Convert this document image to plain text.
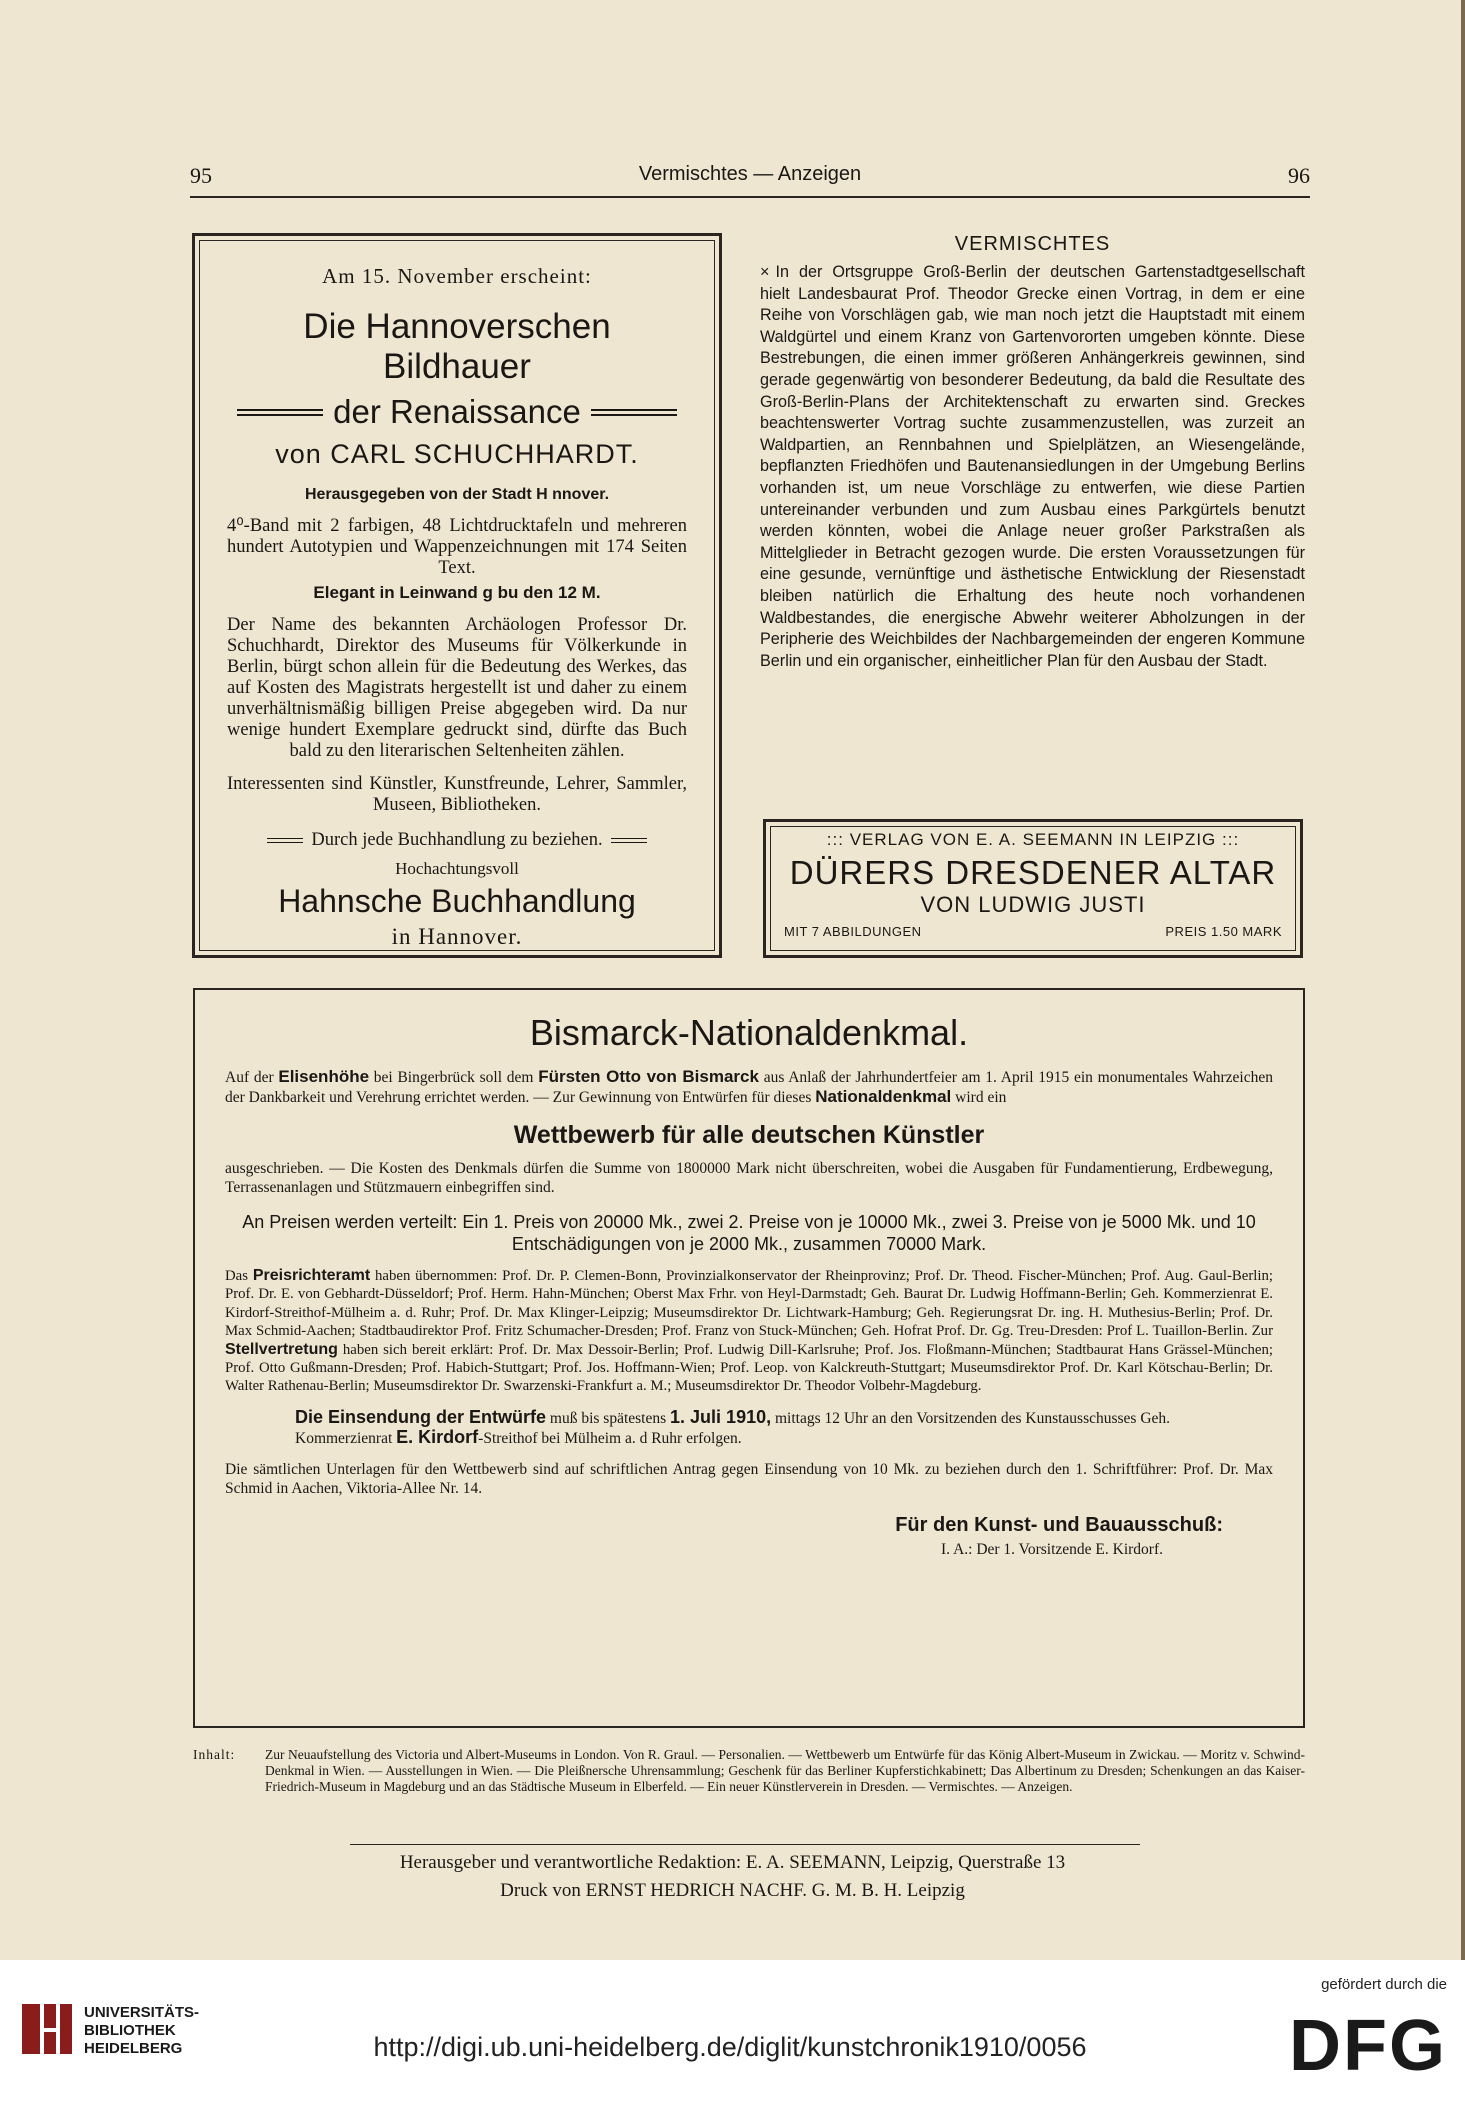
95	Vermischtes — Anzeigen	96
Am 15. November erscheint:
Die Hannoverschen Bildhauer
der Renaissance
von CARL SCHUCHHARDT.
Herausgegeben von der Stadt H nnover.
4⁰-Band mit 2 farbigen, 48 Lichtdrucktafeln und mehreren hundert Autotypien und Wappenzeichnungen mit 174 Seiten Text.
Elegant in Leinwand g bu den 12 M.
Der Name des bekannten Archäologen Professor Dr. Schuchhardt, Direktor des Museums für Völkerkunde in Berlin, bürgt schon allein für die Bedeutung des Werkes, das auf Kosten des Magistrats hergestellt ist und daher zu einem unverhältnismäßig billigen Preise abgegeben wird. Da nur wenige hundert Exemplare gedruckt sind, dürfte das Buch bald zu den literarischen Seltenheiten zählen.
Interessenten sind Künstler, Kunstfreunde, Lehrer, Sammler, Museen, Bibliotheken.
Durch jede Buchhandlung zu beziehen.
Hochachtungsvoll
Hahnsche Buchhandlung
in Hannover.
VERMISCHTES
× In der Ortsgruppe Groß-Berlin der deutschen Gartenstadtgesellschaft hielt Landesbaurat Prof. Theodor Grecke einen Vortrag, in dem er eine Reihe von Vorschlägen gab, wie man noch jetzt die Hauptstadt mit einem Waldgürtel und einem Kranz von Gartenvororten umgeben könnte. Diese Bestrebungen, die einen immer größeren Anhängerkreis gewinnen, sind gerade gegenwärtig von besonderer Bedeutung, da bald die Resultate des Groß-Berlin-Plans der Architektenschaft zu erwarten sind. Greckes beachtenswerter Vortrag suchte zusammenzustellen, was zurzeit an Waldpartien, an Rennbahnen und Spielplätzen, an Wiesengelände, bepflanzten Friedhöfen und Bautenansiedlungen in der Umgebung Berlins vorhanden ist, um neue Vorschläge zu entwerfen, wie diese Partien untereinander verbunden und zum Ausbau eines Parkgürtels benutzt werden könnten, wobei die Anlage neuer großer Parkstraßen als Mittelglieder in Betracht gezogen wurde. Die ersten Voraussetzungen für eine gesunde, vernünftige und ästhetische Entwicklung der Riesenstadt bleiben natürlich die Erhaltung des heute noch vorhandenen Waldbestandes, die energische Abwehr weiterer Abholzungen in der Peripherie des Weichbildes der Nachbargemeinden der engeren Kommune Berlin und ein organischer, einheitlicher Plan für den Ausbau der Stadt.
::: VERLAG VON E. A. SEEMANN IN LEIPZIG :::
DÜRERS DRESDENER ALTAR
VON LUDWIG JUSTI
MIT 7 ABBILDUNGEN	PREIS 1.50 MARK
Bismarck-Nationaldenkmal.
Auf der Elisenhöhe bei Bingerbrück soll dem Fürsten Otto von Bismarck aus Anlaß der Jahrhundertfeier am 1. April 1915 ein monumentales Wahrzeichen der Dankbarkeit und Verehrung errichtet werden. — Zur Gewinnung von Entwürfen für dieses Nationaldenkmal wird ein
Wettbewerb für alle deutschen Künstler
ausgeschrieben. — Die Kosten des Denkmals dürfen die Summe von 1800000 Mark nicht überschreiten, wobei die Ausgaben für Fundamentierung, Erdbewegung, Terrassenanlagen und Stützmauern einbegriffen sind.
An Preisen werden verteilt: Ein 1. Preis von 20000 Mk., zwei 2. Preise von je 10000 Mk., zwei 3. Preise von je 5000 Mk. und 10 Entschädigungen von je 2000 Mk., zusammen 70000 Mark.
Das Preisrichteramt haben übernommen: Prof. Dr. P. Clemen-Bonn, Provinzialkonservator der Rheinprovinz; Prof. Dr. Theod. Fischer-München; Prof. Aug. Gaul-Berlin; Prof. Dr. E. von Gebhardt-Düsseldorf; Prof. Herm. Hahn-München; Oberst Max Frhr. von Heyl-Darmstadt; Geh. Baurat Dr. Ludwig Hoffmann-Berlin; Geh. Kommerzienrat E. Kirdorf-Streithof-Mülheim a. d. Ruhr; Prof. Dr. Max Klinger-Leipzig; Museumsdirektor Dr. Lichtwark-Hamburg; Geh. Regierungsrat Dr. ing. H. Muthesius-Berlin; Prof. Dr. Max Schmid-Aachen; Stadtbaudirektor Prof. Fritz Schumacher-Dresden; Prof. Franz von Stuck-München; Geh. Hofrat Prof. Dr. Gg. Treu-Dresden: Prof L. Tuaillon-Berlin. Zur Stellvertretung haben sich bereit erklärt: Prof. Dr. Max Dessoir-Berlin; Prof. Ludwig Dill-Karlsruhe; Prof. Jos. Floßmann-München; Stadtbaurat Hans Grässel-München; Prof. Otto Gußmann-Dresden; Prof. Habich-Stuttgart; Prof. Jos. Hoffmann-Wien; Prof. Leop. von Kalckreuth-Stuttgart; Museumsdirektor Prof. Dr. Karl Kötschau-Berlin; Dr. Walter Rathenau-Berlin; Museumsdirektor Dr. Swarzenski-Frankfurt a. M.; Museumsdirektor Dr. Theodor Volbehr-Magdeburg.
Die Einsendung der Entwürfe muß bis spätestens 1. Juli 1910, mittags 12 Uhr an den Vorsitzenden des Kunstausschusses Geh. Kommerzienrat E. Kirdorf-Streithof bei Mülheim a. d Ruhr erfolgen.
Die sämtlichen Unterlagen für den Wettbewerb sind auf schriftlichen Antrag gegen Einsendung von 10 Mk. zu beziehen durch den 1. Schriftführer: Prof. Dr. Max Schmid in Aachen, Viktoria-Allee Nr. 14.
Für den Kunst- und Bauausschuß:
I. A.: Der 1. Vorsitzende E. Kirdorf.
Inhalt:	Zur Neuaufstellung des Victoria und Albert-Museums in London. Von R. Graul. — Personalien. — Wettbewerb um Entwürfe für das König Albert-Museum in Zwickau. — Moritz v. Schwind-Denkmal in Wien. — Ausstellungen in Wien. — Die Pleißnersche Uhrensammlung; Geschenk für das Berliner Kupferstichkabinett; Das Albertinum zu Dresden; Schenkungen an das Kaiser-Friedrich-Museum in Magdeburg und an das Städtische Museum in Elberfeld. — Ein neuer Künstlerverein in Dresden. — Vermischtes. — Anzeigen.
Herausgeber und verantwortliche Redaktion: E. A. SEEMANN, Leipzig, Querstraße 13
Druck von ERNST HEDRICH NACHF. G. M. B. H. Leipzig
UNIVERSITÄTS-
BIBLIOTHEK
HEIDELBERG	http://digi.ub.uni-heidelberg.de/diglit/kunstchronik1910/0056
gefördert durch die
DFG
